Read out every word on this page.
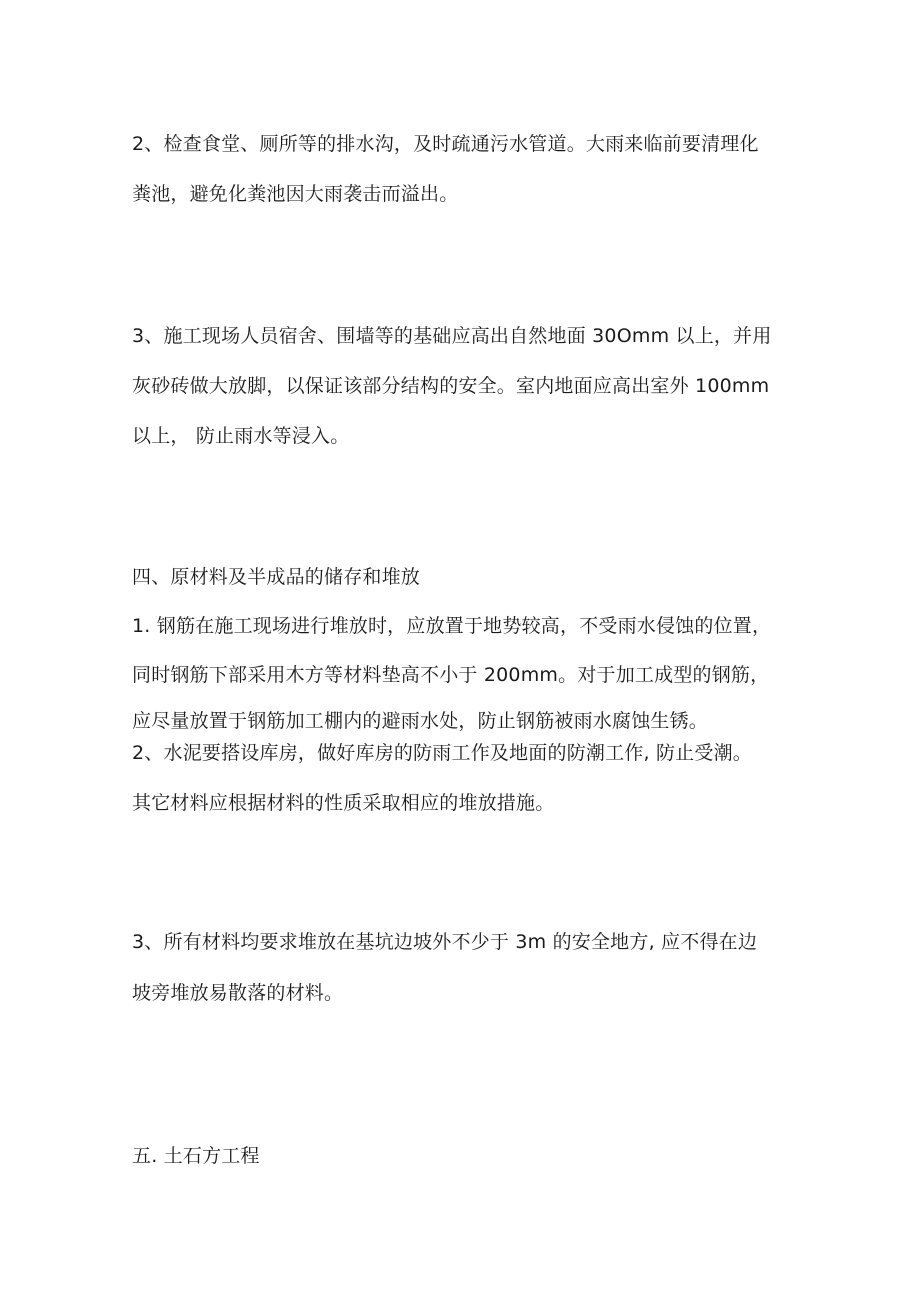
2、检查食堂、厕所等的排水沟，及时疏通污水管道。大雨来临前要清理化
粪池，避免化粪池因大雨袭击而溢出。
3、施工现场人员宿舍、围墙等的基础应高出自然地面 30Omm 以上，并用
灰砂砖做大放脚，以保证该部分结构的安全。室内地面应高出室外 100mm
以上， 防止雨水等浸入。
四、原材料及半成品的储存和堆放
1. 钢筋在施工现场进行堆放时，应放置于地势较高，不受雨水侵蚀的位置，
同时钢筋下部采用木方等材料垫高不小于 200mm。对于加工成型的钢筋，
应尽量放置于钢筋加工棚内的避雨水处，防止钢筋被雨水腐蚀生锈。
2、水泥要搭设库房，做好库房的防雨工作及地面的防潮工作, 防止受潮。
其它材料应根据材料的性质采取相应的堆放措施。
3、所有材料均要求堆放在基坑边坡外不少于 3m 的安全地方, 应不得在边
坡旁堆放易散落的材料。
五. 土石方工程
